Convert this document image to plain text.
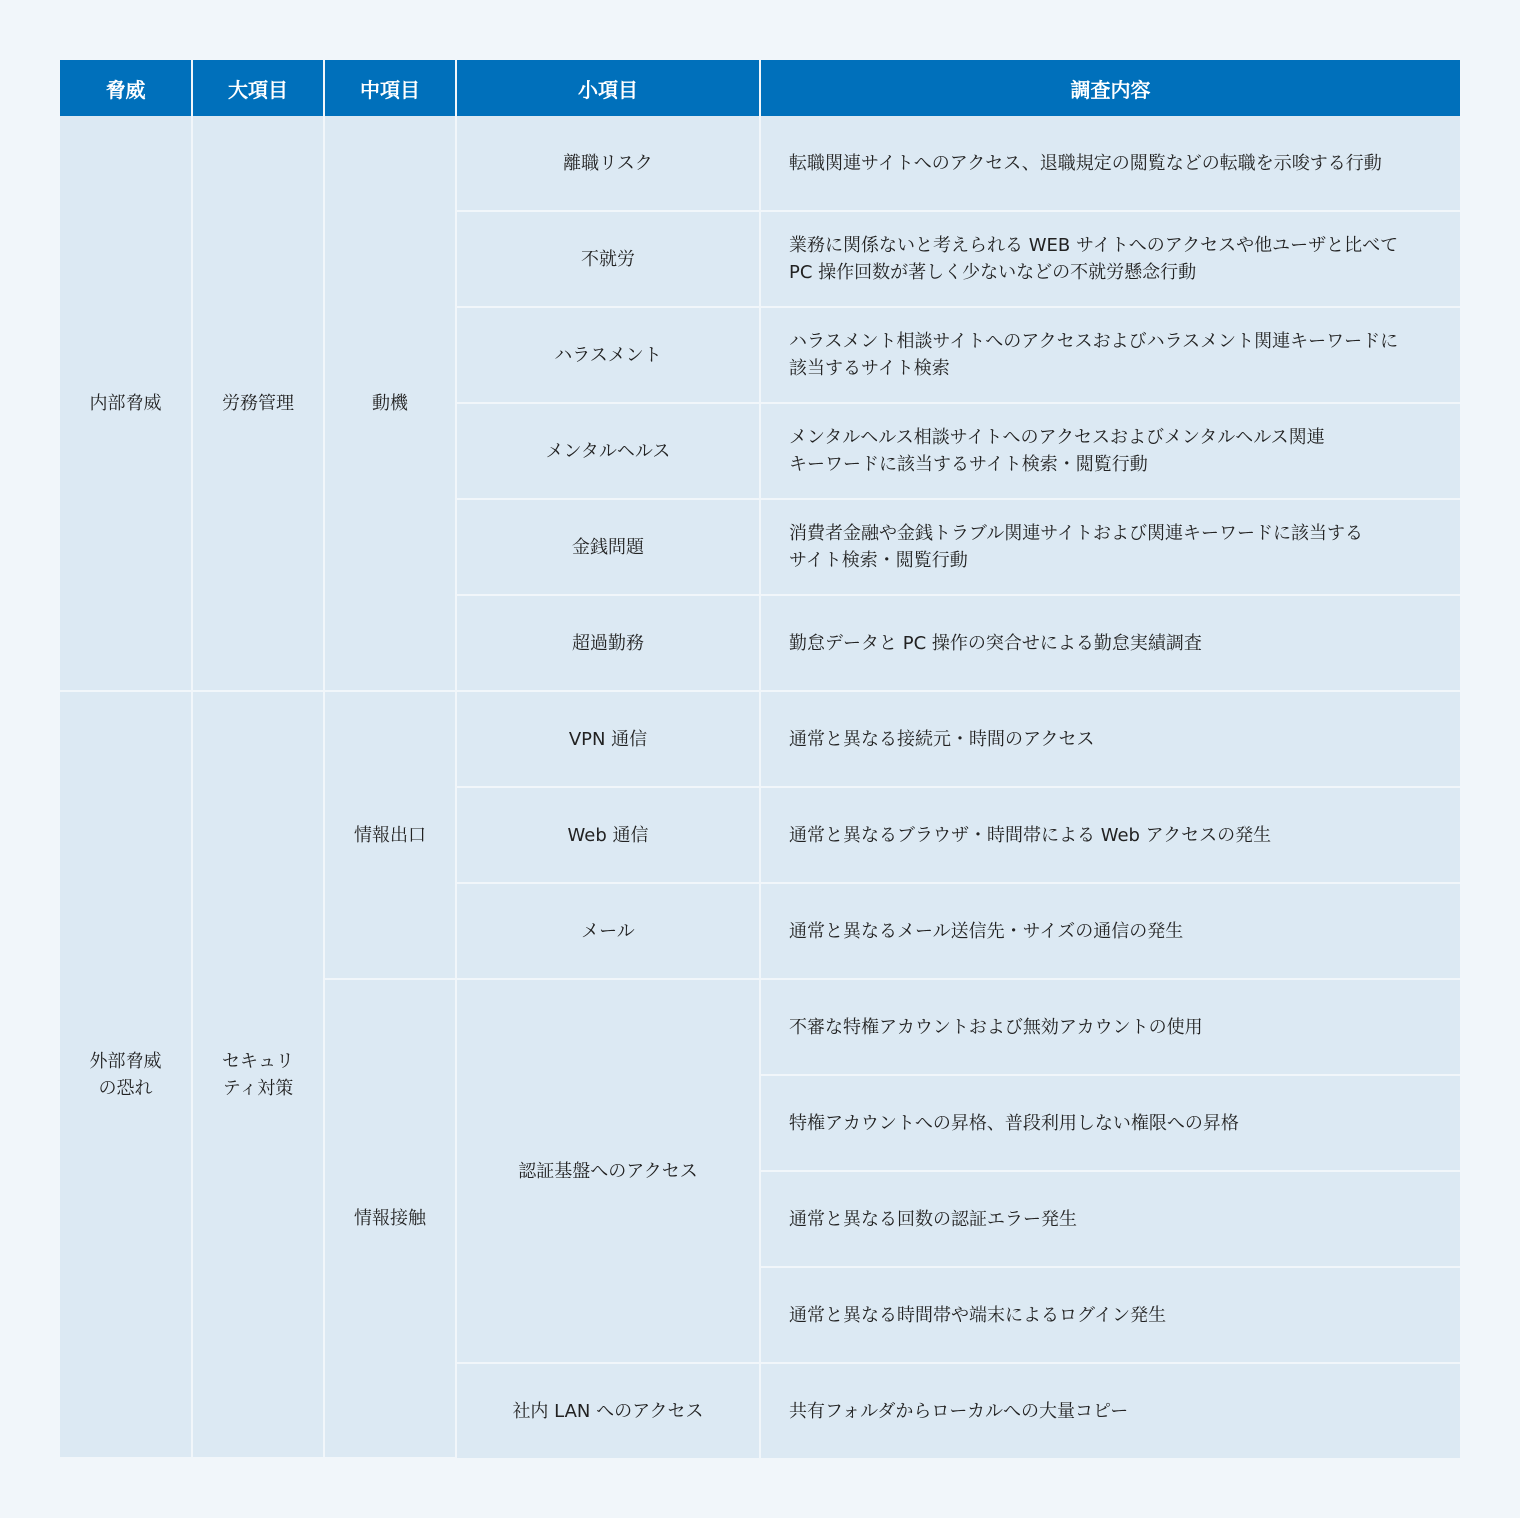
脅威	大項目	中項目	小項目	調査内容
内部脅威	労務管理	動機	離職リスク	転職関連サイトへのアクセス、退職規定の閲覧などの転職を示唆する行動

			不就労	業務に関係ないと考えられる WEB サイトへのアクセスや他ユーザと比べて
PC 操作回数が著しく少ないなどの不就労懸念行動

			ハラスメント	ハラスメント相談サイトへのアクセスおよびハラスメント関連キーワードに
該当するサイト検索

			メンタルヘルス	メンタルヘルス相談サイトへのアクセスおよびメンタルヘルス関連
キーワードに該当するサイト検索・閲覧行動

			金銭問題	消費者金融や金銭トラブル関連サイトおよび関連キーワードに該当する
サイト検索・閲覧行動

			超過勤務	勤怠データと PC 操作の突合せによる勤怠実績調査

外部脅威
の恐れ	セキュリ
ティ対策	情報出口	VPN 通信	通常と異なる接続元・時間のアクセス

			Web 通信	通常と異なるブラウザ・時間帯による Web アクセスの発生

			メール	通常と異なるメール送信先・サイズの通信の発生

		情報接触	認証基盤へのアクセス	不審な特権アカウントおよび無効アカウントの使用

				特権アカウントへの昇格、普段利用しない権限への昇格

				通常と異なる回数の認証エラー発生

				通常と異なる時間帯や端末によるログイン発生

			社内 LAN へのアクセス	共有フォルダからローカルへの大量コピー
